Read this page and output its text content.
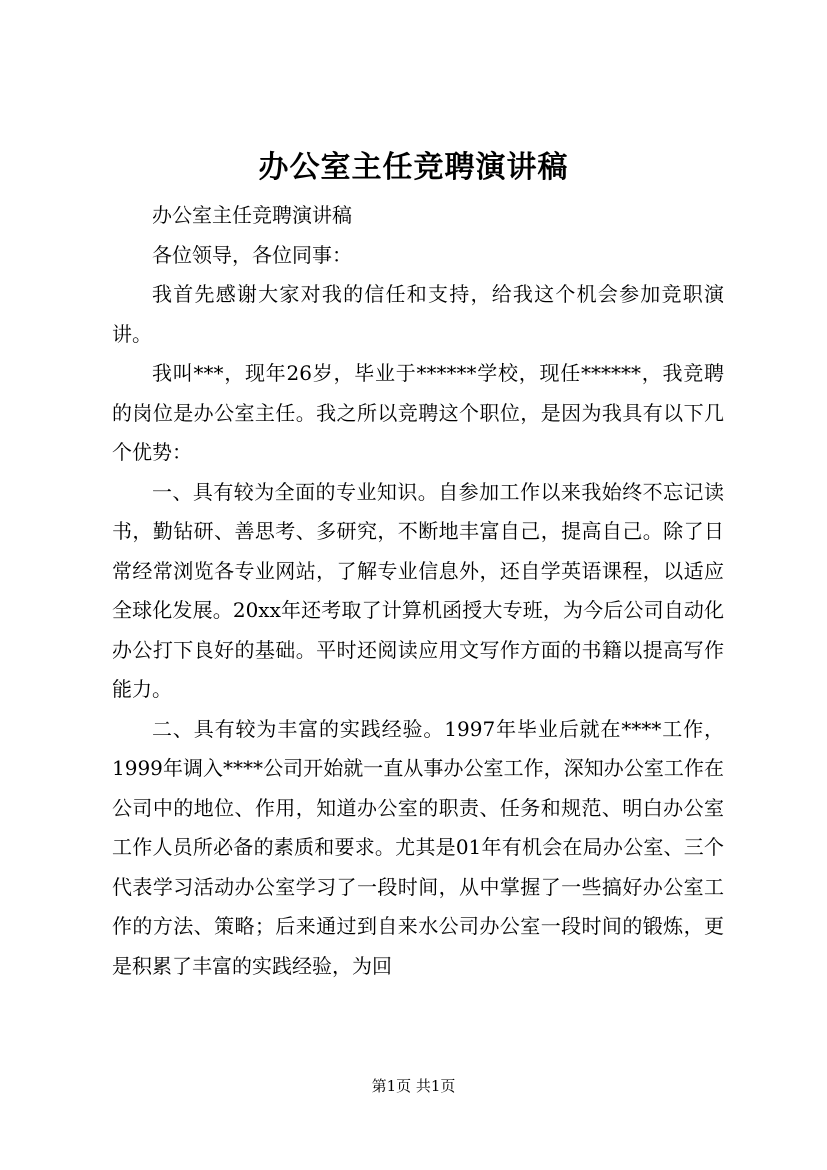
办公室主任竞聘演讲稿

办公室主任竞聘演讲稿

各位领导，各位同事：

我首先感谢大家对我的信任和支持，给我这个机会参加竞职演讲。

我叫***，现年26岁，毕业于******学校，现任******，我竞聘的岗位是办公室主任。我之所以竞聘这个职位，是因为我具有以下几个优势：

一、具有较为全面的专业知识。自参加工作以来我始终不忘记读书，勤钻研、善思考、多研究，不断地丰富自己，提高自己。除了日常经常浏览各专业网站，了解专业信息外，还自学英语课程，以适应全球化发展。20xx年还考取了计算机函授大专班，为今后公司自动化办公打下良好的基础。平时还阅读应用文写作方面的书籍以提高写作能力。

二、具有较为丰富的实践经验。1997年毕业后就在****工作，1999年调入****公司开始就一直从事办公室工作，深知办公室工作在公司中的地位、作用，知道办公室的职责、任务和规范、明白办公室工作人员所必备的素质和要求。尤其是01年有机会在局办公室、三个代表学习活动办公室学习了一段时间，从中掌握了一些搞好办公室工作的方法、策略；后来通过到自来水公司办公室一段时间的锻炼，更是积累了丰富的实践经验，为回

第1页 共1页
